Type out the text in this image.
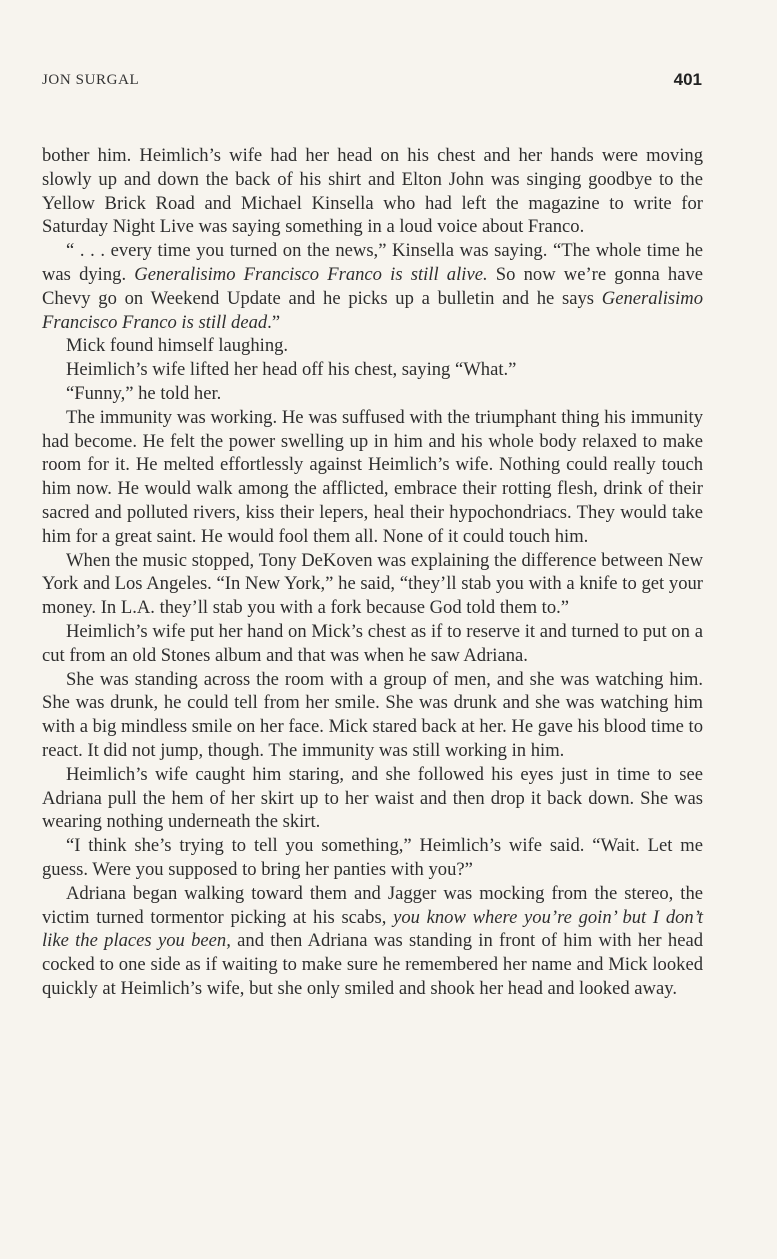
JON SURGAL	401

bother him. Heimlich’s wife had her head on his chest and her hands were moving slowly up and down the back of his shirt and Elton John was singing goodbye to the Yellow Brick Road and Michael Kinsella who had left the magazine to write for Saturday Night Live was saying something in a loud voice about Franco.

“ . . . every time you turned on the news,” Kinsella was saying. “The whole time he was dying. Generalisimo Francisco Franco is still alive. So now we’re gonna have Chevy go on Weekend Update and he picks up a bulletin and he says Generalisimo Francisco Franco is still dead.”

Mick found himself laughing.

Heimlich’s wife lifted her head off his chest, saying “What.”

“Funny,” he told her.

The immunity was working. He was suffused with the triumphant thing his immunity had become. He felt the power swelling up in him and his whole body relaxed to make room for it. He melted effortlessly against Heimlich’s wife. Nothing could really touch him now. He would walk among the afflicted, embrace their rotting flesh, drink of their sacred and polluted rivers, kiss their lepers, heal their hypochondriacs. They would take him for a great saint. He would fool them all. None of it could touch him.

When the music stopped, Tony DeKoven was explaining the difference between New York and Los Angeles. “In New York,” he said, “they’ll stab you with a knife to get your money. In L.A. they’ll stab you with a fork because God told them to.”

Heimlich’s wife put her hand on Mick’s chest as if to reserve it and turned to put on a cut from an old Stones album and that was when he saw Adriana.

She was standing across the room with a group of men, and she was watching him. She was drunk, he could tell from her smile. She was drunk and she was watching him with a big mindless smile on her face. Mick stared back at her. He gave his blood time to react. It did not jump, though. The immunity was still working in him.

Heimlich’s wife caught him staring, and she followed his eyes just in time to see Adriana pull the hem of her skirt up to her waist and then drop it back down. She was wearing nothing underneath the skirt.

“I think she’s trying to tell you something,” Heimlich’s wife said. “Wait. Let me guess. Were you supposed to bring her panties with you?”

Adriana began walking toward them and Jagger was mocking from the stereo, the victim turned tormentor picking at his scabs, you know where you’re goin’ but I don’t like the places you been, and then Adriana was standing in front of him with her head cocked to one side as if waiting to make sure he remembered her name and Mick looked quickly at Heimlich’s wife, but she only smiled and shook her head and looked away.
